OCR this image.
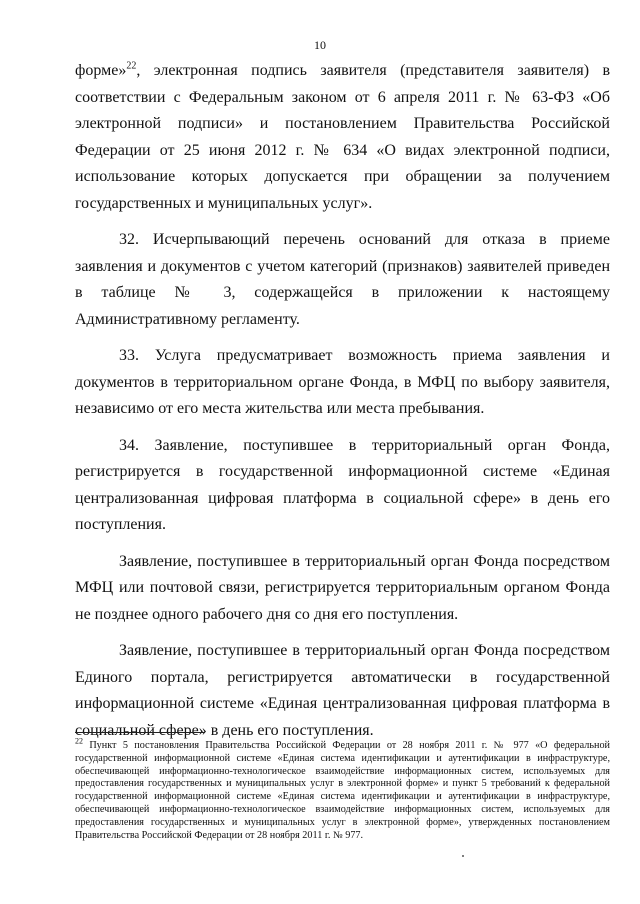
10

форме»$^{22}$, электронная подпись заявителя (представителя заявителя) в соответствии с Федеральным законом от 6 апреля 2011 г. № 63-ФЗ «Об электронной подписи» и постановлением Правительства Российской Федерации от 25 июня 2012 г. № 634 «О видах электронной подписи, использование которых допускается при обращении за получением государственных и муниципальных услуг».

32. Исчерпывающий перечень оснований для отказа в приеме заявления и документов с учетом категорий (признаков) заявителей приведен в таблице № 3, содержащейся в приложении к настоящему Административному регламенту.

33. Услуга предусматривает возможность приема заявления и документов в территориальном органе Фонда, в МФЦ по выбору заявителя, независимо от его места жительства или места пребывания.

34. Заявление, поступившее в территориальный орган Фонда, регистрируется в государственной информационной системе «Единая централизованная цифровая платформа в социальной сфере» в день его поступления.

Заявление, поступившее в территориальный орган Фонда посредством МФЦ или почтовой связи, регистрируется территориальным органом Фонда не позднее одного рабочего дня со дня его поступления.

Заявление, поступившее в территориальный орган Фонда посредством Единого портала, регистрируется автоматически в государственной информационной системе «Единая централизованная цифровая платформа в социальной сфере» в день его поступления.

$^{22}$ Пункт 5 постановления Правительства Российской Федерации от 28 ноября 2011 г. № 977 «О федеральной государственной информационной системе «Единая система идентификации и аутентификации в инфраструктуре, обеспечивающей информационно-технологическое взаимодействие информационных систем, используемых для предоставления государственных и муниципальных услуг в электронной форме» и пункт 5 требований к федеральной государственной информационной системе «Единая система идентификации и аутентификации в инфраструктуре, обеспечивающей информационно-технологическое взаимодействие информационных систем, используемых для предоставления государственных и муниципальных услуг в электронной форме», утвержденных постановлением Правительства Российской Федерации от 28 ноября 2011 г. № 977.
